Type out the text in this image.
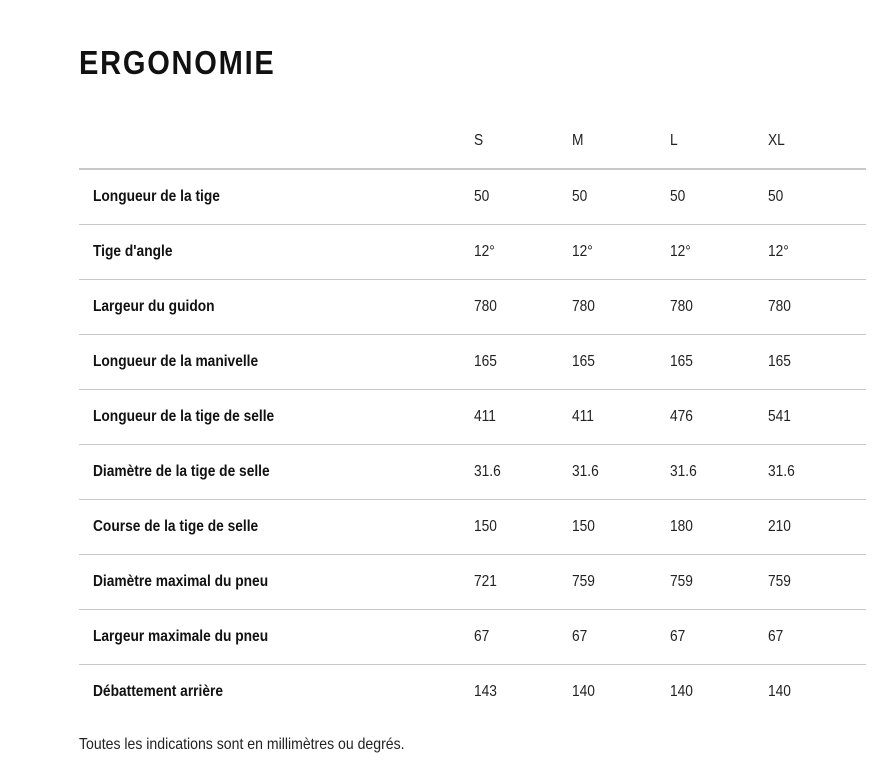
ERGONOMIE
	S	M	L	XL
Longueur de la tige	50	50	50	50
Tige d'angle	12°	12°	12°	12°
Largeur du guidon	780	780	780	780
Longueur de la manivelle	165	165	165	165
Longueur de la tige de selle	411	411	476	541
Diamètre de la tige de selle	31.6	31.6	31.6	31.6
Course de la tige de selle	150	150	180	210
Diamètre maximal du pneu	721	759	759	759
Largeur maximale du pneu	67	67	67	67
Débattement arrière	143	140	140	140

Toutes les indications sont en millimètres ou degrés.
